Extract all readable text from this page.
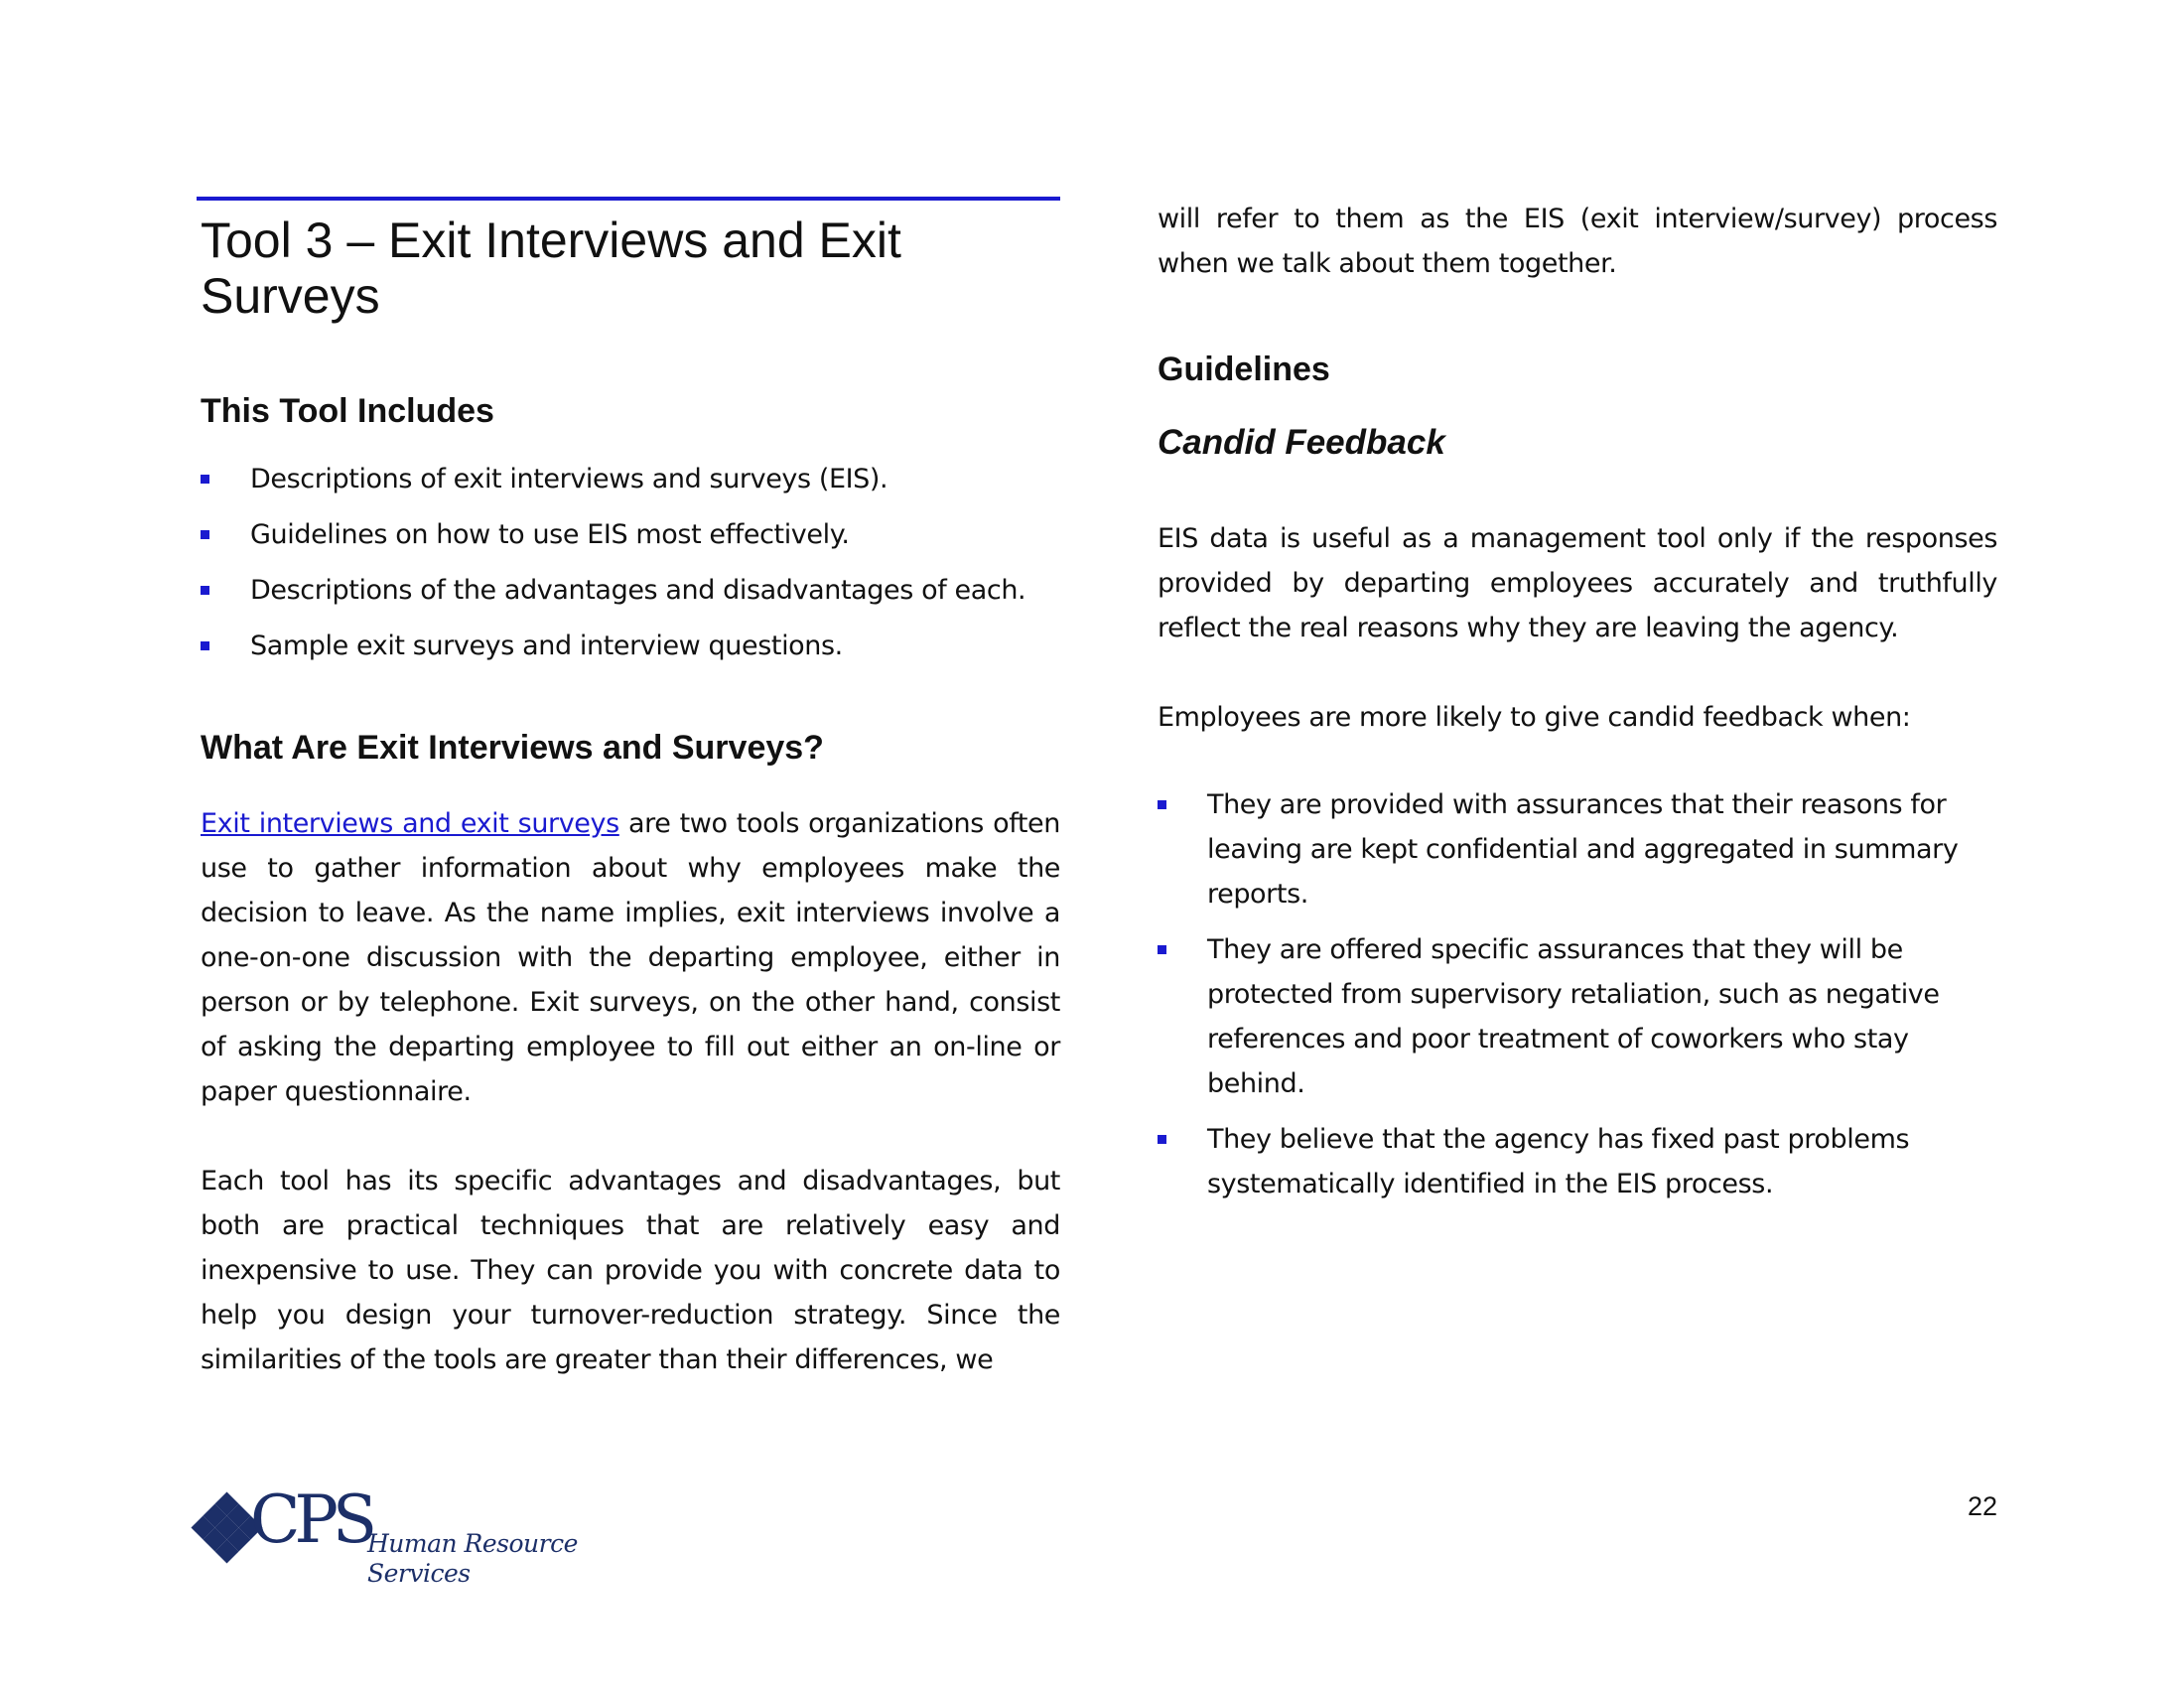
Tool 3 – Exit Interviews and Exit Surveys
This Tool Includes
Descriptions of exit interviews and surveys (EIS).
Guidelines on how to use EIS most effectively.
Descriptions of the advantages and disadvantages of each.
Sample exit surveys and interview questions.
What Are Exit Interviews and Surveys?

Exit interviews and exit surveys are two tools organizations often use to gather information about why employees make the decision to leave. As the name implies, exit interviews involve a one-on-one discussion with the departing employee, either in person or by telephone. Exit surveys, on the other hand, consist of asking the departing employee to fill out either an on-line or paper questionnaire.

Each tool has its specific advantages and disadvantages, but both are practical techniques that are relatively easy and inexpensive to use. They can provide you with concrete data to help you design your turnover-reduction strategy. Since the similarities of the tools are greater than their differences, we

will refer to them as the EIS (exit interview/survey) process when we talk about them together.

Guidelines
Candid Feedback

EIS data is useful as a management tool only if the responses provided by departing employees accurately and truthfully reflect the real reasons why they are leaving the agency.

Employees are more likely to give candid feedback when:

They are provided with assurances that their reasons for leaving are kept confidential and aggregated in summary reports.
They are offered specific assurances that they will be protected from supervisory retaliation, such as negative references and poor treatment of coworkers who stay behind.
They believe that the agency has fixed past problems systematically identified in the EIS process.
CPS
Human Resource Services
22
